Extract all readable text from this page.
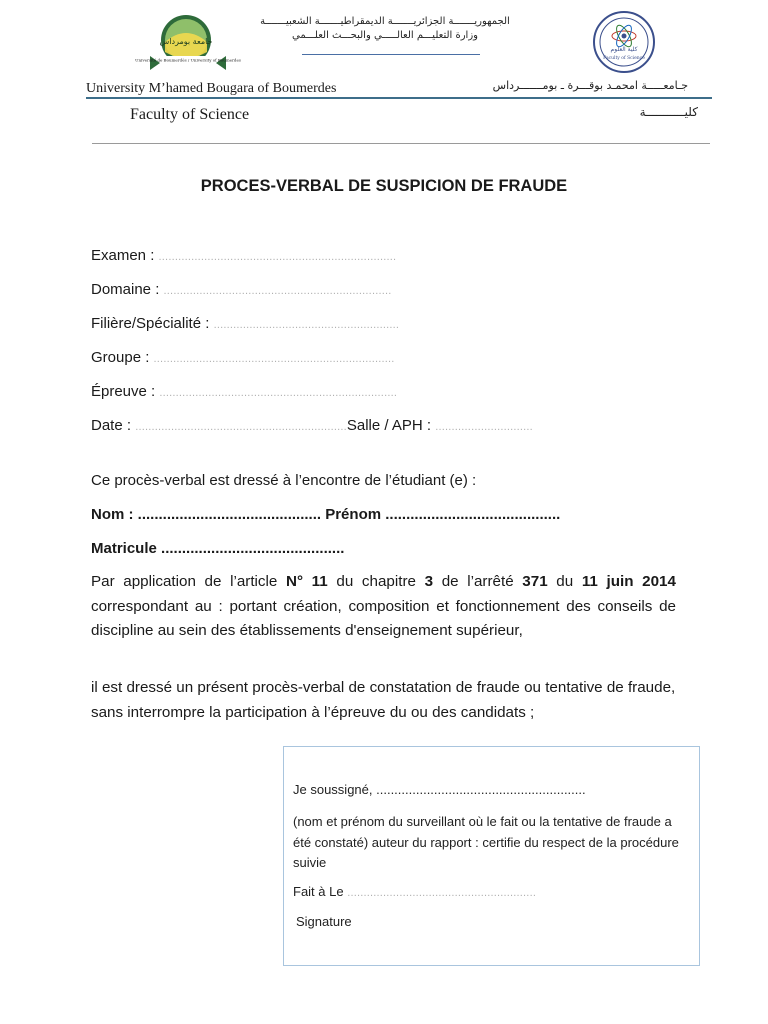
جامعة بومرداس
Université de Boumerdès / University of Boumerdes
الجمهوريـــــــة الجزائريـــــــة الديمقراطيـــــــة الشعبيـــــــة
وزارة التعليـــم العالـــــي والبحـــث العلـــمي
كلية العلوم
Faculty of Science
University M’hamed Bougara of Boumerdes	جـامعـــــة امحمـد بوقـــرة ـ بومـــــــرداس
Faculty of Science	كليـــــــــــة
PROCES-VERBAL DE SUSPICION DE FRAUDE
Examen : .........................................................................
Domaine : ......................................................................
Filière/Spécialité : .........................................................
Groupe : ..........................................................................
Épreuve : .........................................................................
Date : .................................................................Salle / APH : ..............................
Ce procès-verbal est dressé à l’encontre de l’étudiant (e) :
Nom : ............................................ Prénom ..........................................
Matricule ............................................
Par application de l’article N° 11 du chapitre 3 de l’arrêté 371 du 11 juin 2014 correspondant au : portant création, composition et fonctionnement des conseils de discipline au sein des établissements d'enseignement supérieur,
il est dressé un présent procès-verbal de constatation de fraude ou tentative de fraude, sans interrompre la participation à l’épreuve du ou des candidats ;
Je soussigné, ..........................................................
(nom et prénom du surveillant où le fait ou la tentative de fraude a été constaté) auteur du rapport : certifie du respect de la procédure suivie
Fait à Le ..........................................................
Signature
